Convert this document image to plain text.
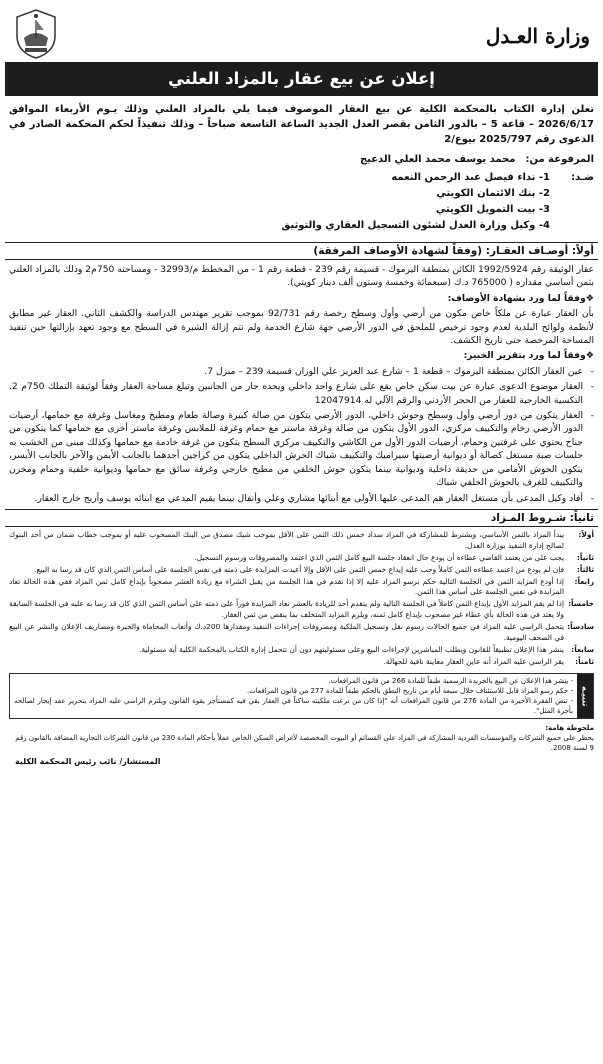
وزارة العـدل
إعلان عن بيع عقار بالمزاد العلني

تعلن إدارة الكتاب بالمحكمة الكلية عن بيع العقار الموصوف فيما يلي بالمزاد العلني وذلك يـوم الأربعاء الموافق 2026/6/17 – قاعة 5 – بالدور الثامن بقصر العدل الجديد الساعة التاسعة صباحاً – وذلك تنفيذاً لحكم المحكمة الصادر في الدعوى رقم 2025/797 بيوع/2

المرفوعة من:
محمد يوسف محمد العلي الدعيج
ضـد:
1- نداء فيصل عبد الرحمن النعمه
2- بنك الائتمان الكويتي
3- بيت التمويل الكويتي
4- وكيل وزارة العدل لشئون التسجيل العقاري والتوثيق
أولاً: أوصـاف العقـار: (وفقاً لشهادة الأوصاف المرفقة)

عقار الوثيقة رقم 1992/5924 الكائن بمنطقة اليرموك - قسيمة رقم 239 - قطعة رقم 1 - من المخطط م/32993 - ومساحته 750م2 وذلك بالمزاد العلني بثمن أساسي مقداره ( 765000 د.ك (سبعمائة وخمسة وستون ألف دينار كويتي).

❖وفقاً لما ورد بشهادة الأوصاف:

بأن العقار عبارة عن ملكاً خاص مكون من أرضي وأول وسطح رخصة رقم 92/731 بموجب تقرير مهندس الدراسة والكشف الثاني. العقار غير مطابق لأنظمة ولوائح البلدية لعدم وجود ترخيص للملحق في الدور الأرضي جهة شارع الخدمة ولم تتم إزالة الشبرة في السطح مع وجود تعهد بإزالتها حين تنفيذ المساحة المرخصة حتى تاريخ الكشف.

❖وفقاً لما ورد بتقرير الخبير:

- عين العقار الكائن بمنطقة اليرموك – قطعة 1 – شارع عبد العزيز علي الوزان قسيمة 239 – منزل 7.
- العقار موضوع الدعوى عبارة عن بيت سكن خاص يقع على شارع واحد داخلي ويحده جار من الجانبين وتبلغ مساحة العقار وفقاً لوثيقة التملك 750م 2. التكسية الخارجية للعقار من الحجر الأردني والرقم الآلي له 12047914
- العقار يتكون من دور أرضي وأول وسطح وحوش داخلي، الدور الأرضي يتكون من صالة كبيرة وصالة طعام ومطبخ ومغاسل وغرفة مع حمامها، أرضيات الدور الأرضي رخام والتكييف مركزي، الدور الأول يتكون من صالة وغرفة ماستر مع حمام وغرفة للملابس وغرفة ماستر أخرى مع حمامها كما يتكون من جناح يحتوي على غرفتين وحمام، أرضيات الدور الأول من الكاشي والتكييف مركزي السطح يتكون من غرفة خادمة مع حمامها وكذلك مبنى من الخشب به جلسات صبة مستغل كصالة أو ديوانية أرضيتها سيراميك والتكييف شباك الحرش الداخلي يتكون من كراجين أحدهما بالجانب الأيمن والآخر بالجانب الأيسر، يتكون الحوش الأمامي من حديقة داخلية وديوانية بينما يتكون حوش الخلفي من مطبخ خارجي وغرفة سائق مع حمامها وديوانية خلفية وحمام ومخزن والتكييف للغرف بالحوش الخلفي شباك
- أفاد وكيل المدعى بأن مستغل العقار هم المدعى عليها الأولى مع أبنائها مشاري وعلي وأنفال بينما يقيم المدعي مع ابنائه يوسف وأريج خارج العقار.
ثانياً: شـروط المـزاد
أولاً:
يبدأ المزاد بالثمن الأساسي، ويشترط للمشاركة في المزاد سداد خمس ذلك الثمن على الأقل بموجب شيك مصدق من البنك المسحوب عليه أو بموجب خطاب ضمان من أحد البنوك لصالح إدارة التنفيذ بوزارة العدل.
ثانياً:
يجب على من يعتمد القاضي عطاءه أن يودع حال انعقاد جلسة البيع كامل الثمن الذي اعتمد والمصروفات ورسوم التسجيل.
ثالثاً:
فإن لم يودع من اعتمد عطاءه الثمن كاملاً وجب عليه إيداع خمس الثمن على الأقل وإلا أعيدت المزايدة على ذمته في نفس الجلسة على أساس الثمن الذي كان قد رسا به البيع.
رابعاً:
إذا أودع المزايد الثمن في الجلسة التالية حكم برسو المزاد عليه إلا إذا تقدم في هذا الجلسة من يقبل الشراء مع زيادة العشر مصحوباً بإيداع كامل ثمن المزاد ففي هذه الحالة تعاد المزايدة في نفس الجلسة على أساس هذا الثمن.
خامساً:
إذا لم يقم المزايد الأول بإيداع الثمن كاملاً في الجلسة التالية ولم يتقدم أحد للزيادة بالعشر تعاد المزايدة فوراً على ذمته على أساس الثمن الذي كان قد رسا به عليه في الجلسة السابقة ولا يعتد في هذه الحالة بأي عطاء غير مصحوب بإيداع كامل ثمنه، ويلزم المزايد المتخلف بما ينقص من ثمن العقار.
سادساً:
يتحمل الراسي عليه المزاد في جميع الحالات رسوم نقل وتسجيل الملكية ومصروفات إجراءات التنفيذ ومقدارها 200د.ك وأتعاب المحاماة والخبرة ومصاريف الإعلان والنشر عن البيع في الصحف اليومية.
سابعاً:
ينشر هذا الإعلان تطبيقاً للقانون ويطلب المباشرين لإجراءات البيع وعلى مسئوليتهم دون أن تتحمل إدارة الكتاب بالمحكمة الكلية أية مسئولية.
ثامناً:
يقر الراسي عليه المزاد أنه عاين العقار معاينة نافية للجهالة.
تنبيـه
- ينشر هذا الإعلان عن البيع بالجريدة الرسمية طبقاً للمادة 266 من قانون المرافعات.
- حكم رسو المزاد قابل للاستئناف خلال سبعة أيام من تاريخ النطق بالحكم طبقاً للمادة 277 من قانون المرافعات.
- تنص الفقرة الأخيرة من المادة 276 من قانون المرافعات أنه "إذا كان من نزعت ملكيته ساكناً في العقار بقي فيه كمستأجر بقوة القانون ويلتزم الراسي عليه المزاد بتحرير عقد إيجار لصالحه بأجرة المثل".
ملحوظة هامة:
يحظر على جميع الشركات والمؤسسات الفردية المشاركة في المزاد على القسائم أو البيوت المخصصة لأغراض السكن الخاص عملاً بأحكام المادة 230 من قانون الشركات التجارية المضافة بالقانون رقم 9 لسنة 2008.
المستشار/ نائب رئيس المحكمة الكلية
